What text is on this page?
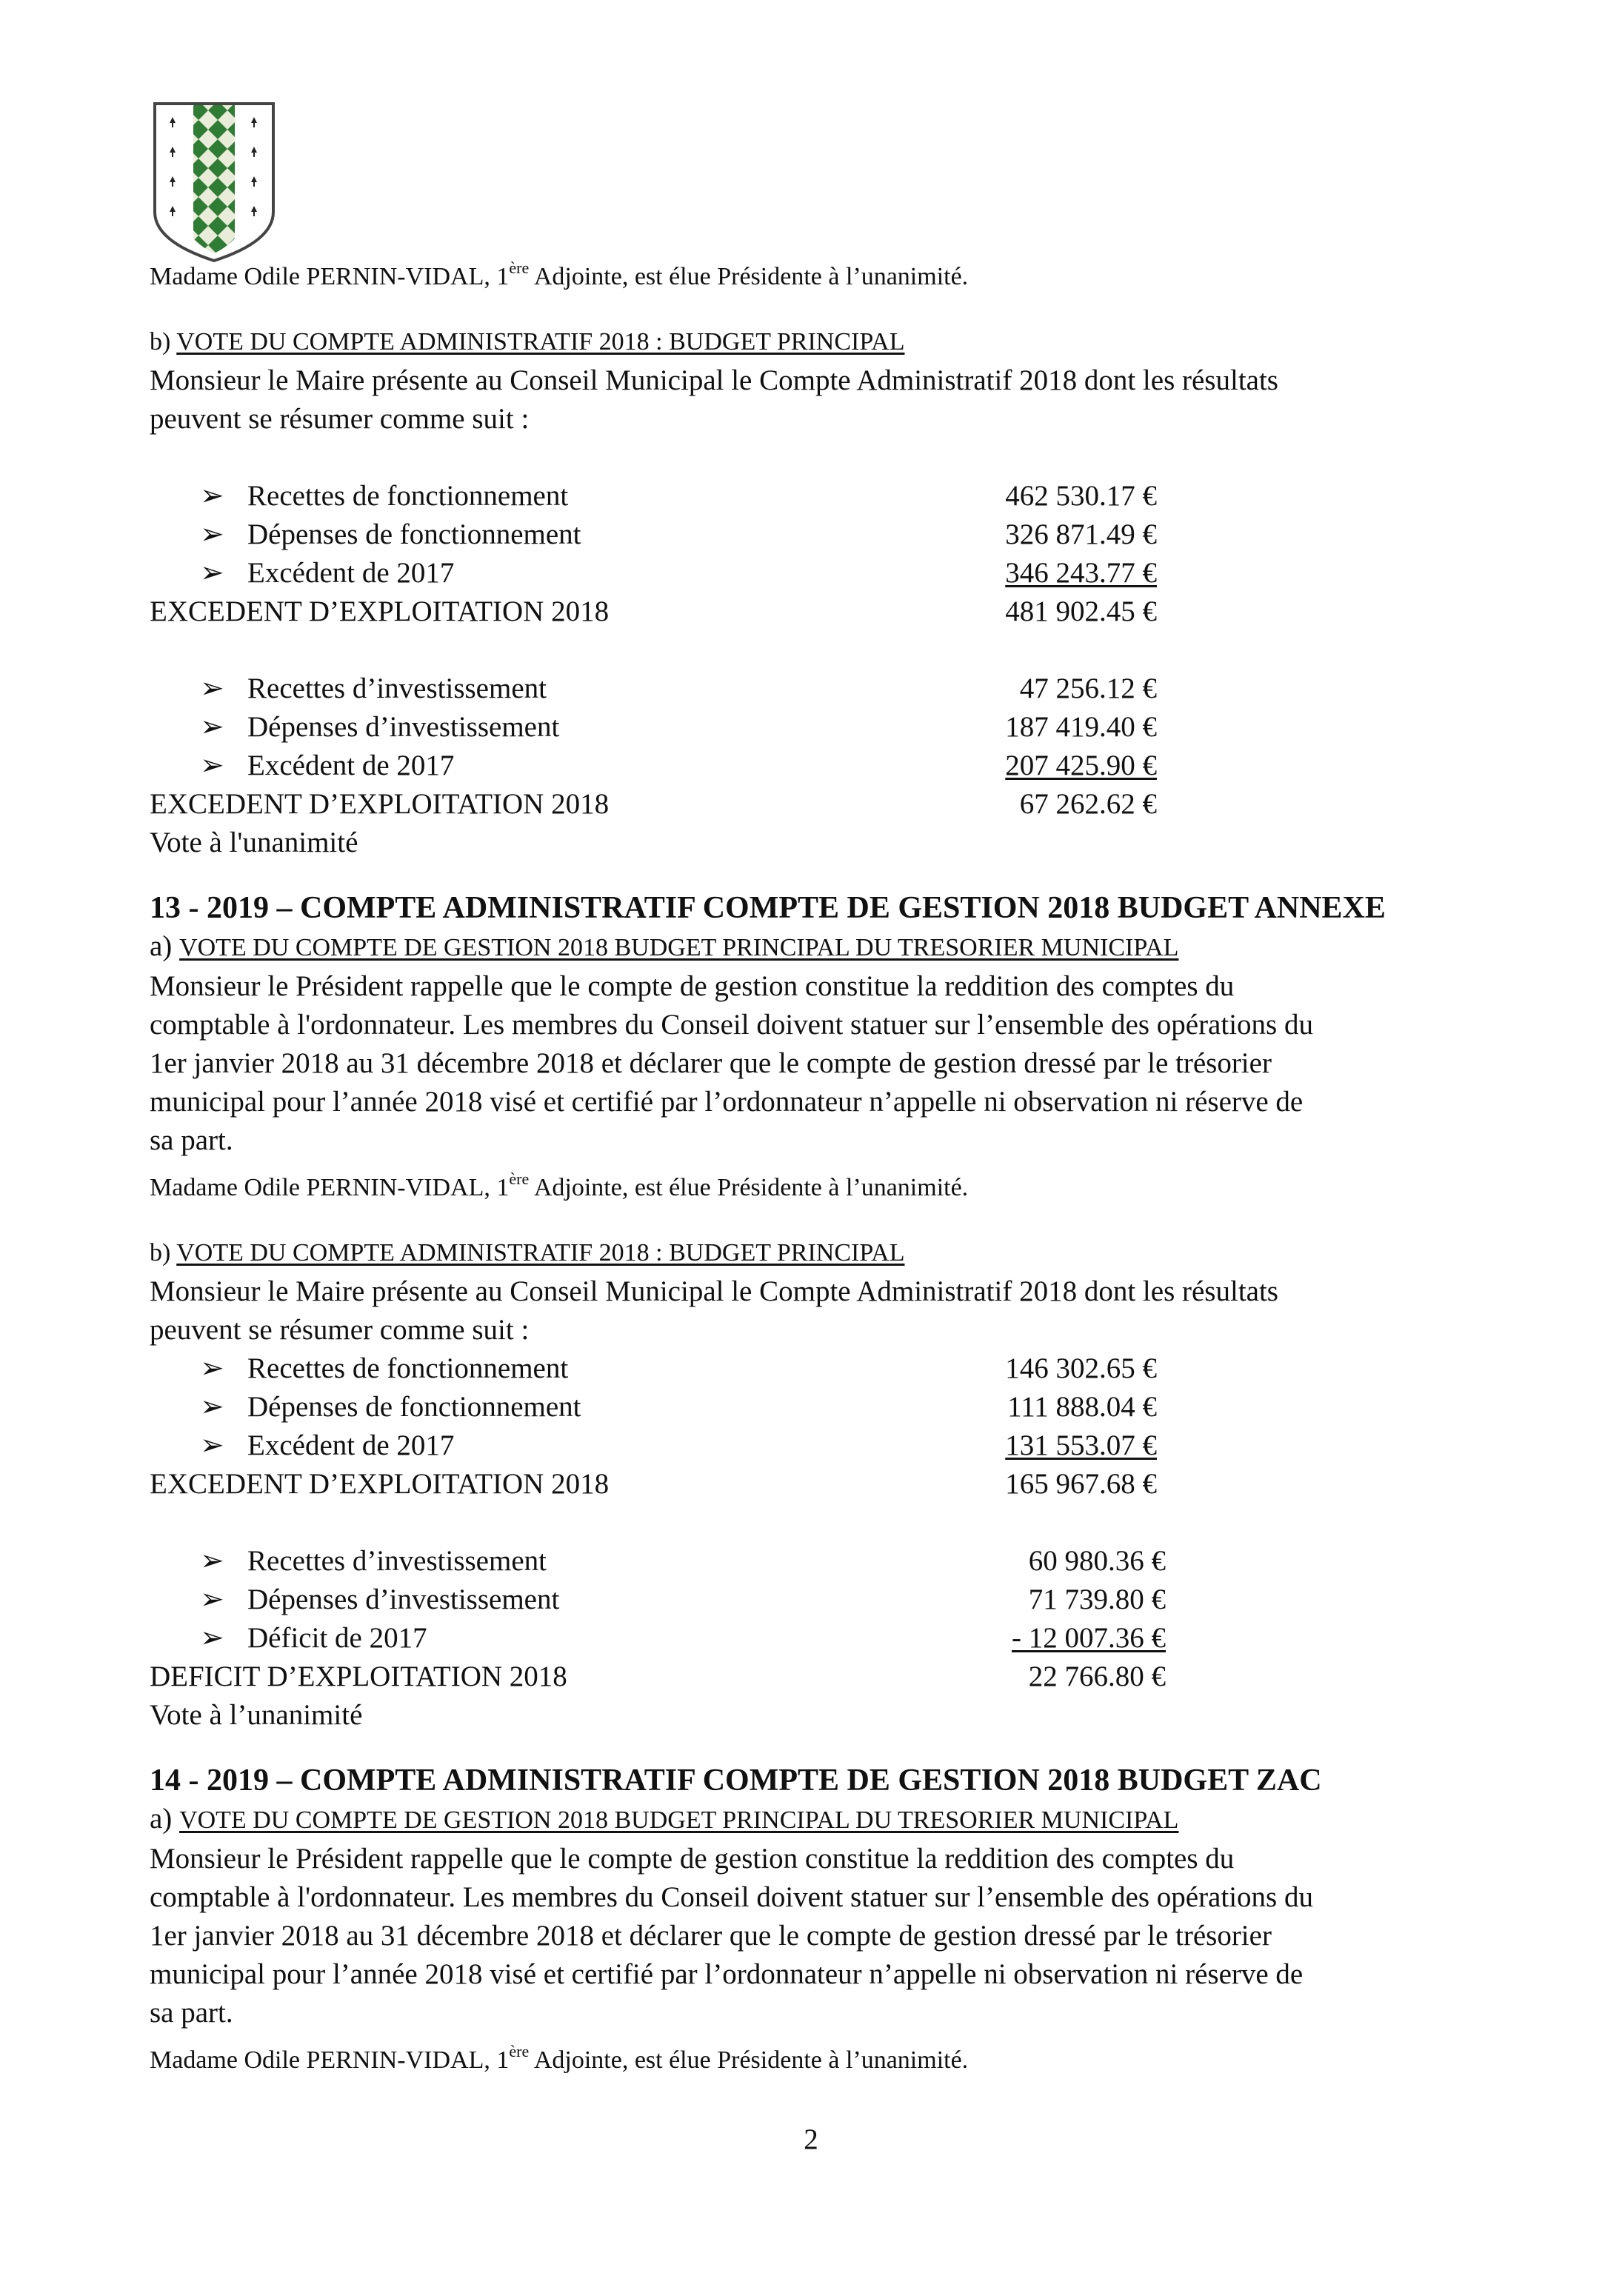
Madame Odile PERNIN-VIDAL, 1ère Adjointe, est élue Présidente à l’unanimité.
b) VOTE DU COMPTE ADMINISTRATIF 2018 : BUDGET PRINCIPAL
Monsieur le Maire présente au Conseil Municipal le Compte Administratif 2018 dont les résultats
peuvent se résumer comme suit :
➢ Recettes de fonctionnement	462 530.17 €
➢ Dépenses de fonctionnement	326 871.49 €
➢ Excédent de 2017	346 243.77 €
EXCEDENT D’EXPLOITATION 2018	481 902.45 €
➢ Recettes d’investissement	47 256.12 €
➢ Dépenses d’investissement	187 419.40 €
➢ Excédent de 2017	207 425.90 €
EXCEDENT D’EXPLOITATION 2018	67 262.62 €
Vote à l'unanimité
13 - 2019 – COMPTE ADMINISTRATIF COMPTE DE GESTION 2018 BUDGET ANNEXE
a) VOTE DU COMPTE DE GESTION 2018 BUDGET PRINCIPAL DU TRESORIER MUNICIPAL
Monsieur le Président rappelle que le compte de gestion constitue la reddition des comptes du
comptable à l'ordonnateur. Les membres du Conseil doivent statuer sur l’ensemble des opérations du
1er janvier 2018 au 31 décembre 2018 et déclarer que le compte de gestion dressé par le trésorier
municipal pour l’année 2018 visé et certifié par l’ordonnateur n’appelle ni observation ni réserve de
sa part.
Madame Odile PERNIN-VIDAL, 1ère Adjointe, est élue Présidente à l’unanimité.
b) VOTE DU COMPTE ADMINISTRATIF 2018 : BUDGET PRINCIPAL
Monsieur le Maire présente au Conseil Municipal le Compte Administratif 2018 dont les résultats
peuvent se résumer comme suit :
➢ Recettes de fonctionnement	146 302.65 €
➢ Dépenses de fonctionnement	111 888.04 €
➢ Excédent de 2017	131 553.07 €
EXCEDENT D’EXPLOITATION 2018	165 967.68 €
➢ Recettes d’investissement	60 980.36 €
➢ Dépenses d’investissement	71 739.80 €
➢ Déficit de 2017	- 12 007.36 €
DEFICIT D’EXPLOITATION 2018	22 766.80 €
Vote à l’unanimité
14 - 2019 – COMPTE ADMINISTRATIF COMPTE DE GESTION 2018 BUDGET ZAC
a) VOTE DU COMPTE DE GESTION 2018 BUDGET PRINCIPAL DU TRESORIER MUNICIPAL
Monsieur le Président rappelle que le compte de gestion constitue la reddition des comptes du
comptable à l'ordonnateur. Les membres du Conseil doivent statuer sur l’ensemble des opérations du
1er janvier 2018 au 31 décembre 2018 et déclarer que le compte de gestion dressé par le trésorier
municipal pour l’année 2018 visé et certifié par l’ordonnateur n’appelle ni observation ni réserve de
sa part.
Madame Odile PERNIN-VIDAL, 1ère Adjointe, est élue Présidente à l’unanimité.
2
